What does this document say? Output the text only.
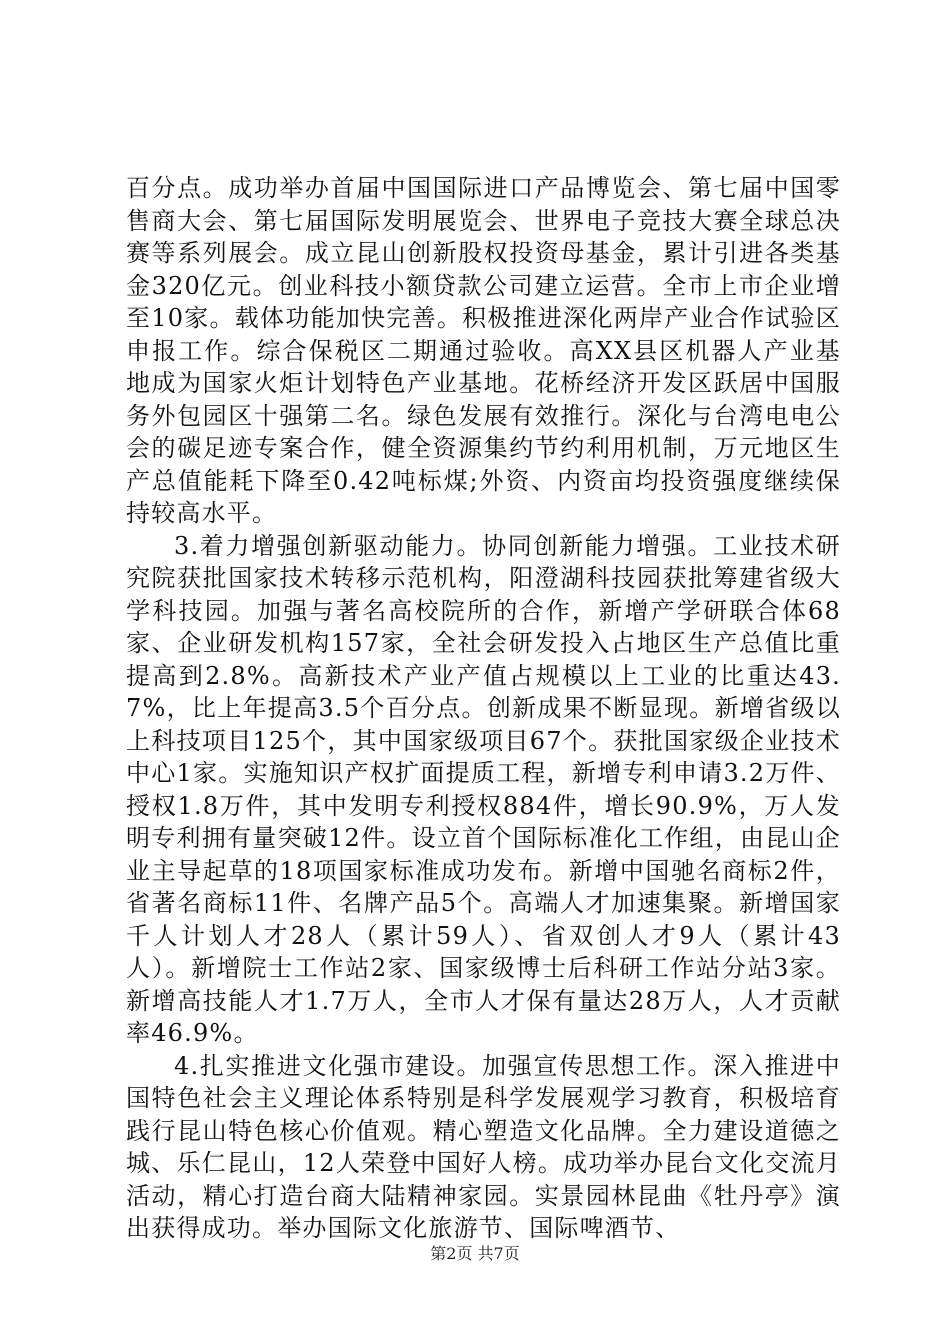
百分点。成功举办首届中国国际进口产品博览会、第七届中国零售商大会、第七届国际发明展览会、世界电子竞技大赛全球总决赛等系列展会。成立昆山创新股权投资母基金，累计引进各类基金320亿元。创业科技小额贷款公司建立运营。全市上市企业增至10家。载体功能加快完善。积极推进深化两岸产业合作试验区申报工作。综合保税区二期通过验收。高XX县区机器人产业基地成为国家火炬计划特色产业基地。花桥经济开发区跃居中国服务外包园区十强第二名。绿色发展有效推行。深化与台湾电电公会的碳足迹专案合作，健全资源集约节约利用机制，万元地区生产总值能耗下降至0.42吨标煤;外资、内资亩均投资强度继续保持较高水平。

3.着力增强创新驱动能力。协同创新能力增强。工业技术研究院获批国家技术转移示范机构，阳澄湖科技园获批筹建省级大学科技园。加强与著名高校院所的合作，新增产学研联合体68家、企业研发机构157家，全社会研发投入占地区生产总值比重提高到2.8%。高新技术产业产值占规模以上工业的比重达43.7%，比上年提高3.5个百分点。创新成果不断显现。新增省级以上科技项目125个，其中国家级项目67个。获批国家级企业技术中心1家。实施知识产权扩面提质工程，新增专利申请3.2万件、授权1.8万件，其中发明专利授权884件，增长90.9%，万人发明专利拥有量突破12件。设立首个国际标准化工作组，由昆山企业主导起草的18项国家标准成功发布。新增中国驰名商标2件，省著名商标11件、名牌产品5个。高端人才加速集聚。新增国家千人计划人才28人（累计59人）、省双创人才9人（累计43人）。新增院士工作站2家、国家级博士后科研工作站分站3家。新增高技能人才1.7万人，全市人才保有量达28万人，人才贡献率46.9%。

4.扎实推进文化强市建设。加强宣传思想工作。深入推进中国特色社会主义理论体系特别是科学发展观学习教育，积极培育践行昆山特色核心价值观。精心塑造文化品牌。全力建设道德之城、乐仁昆山，12人荣登中国好人榜。成功举办昆台文化交流月活动，精心打造台商大陆精神家园。实景园林昆曲《牡丹亭》演出获得成功。举办国际文化旅游节、国际啤酒节、

第2页 共7页
